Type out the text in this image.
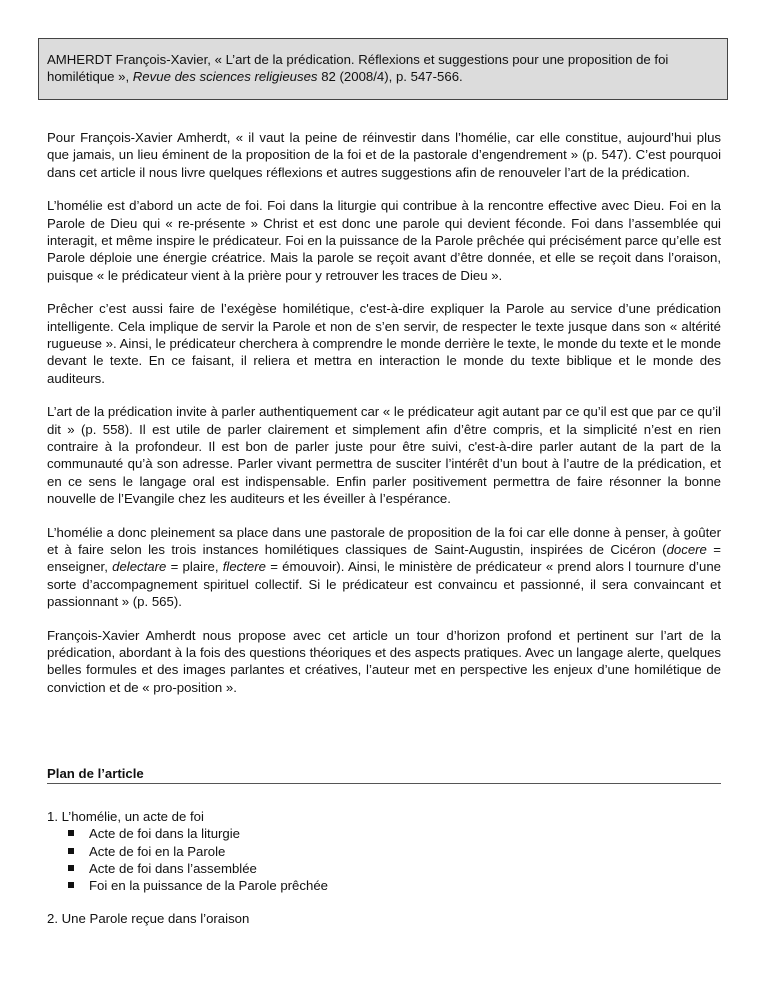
AMHERDT François-Xavier, « L’art de la prédication. Réflexions et suggestions pour une proposition de foi homilétique », Revue des sciences religieuses 82 (2008/4), p. 547-566.

Pour François-Xavier Amherdt, « il vaut la peine de réinvestir dans l’homélie, car elle constitue, aujourd’hui plus que jamais, un lieu éminent de la proposition de la foi et de la pastorale d’engendrement » (p. 547). C’est pourquoi dans cet article il nous livre quelques réflexions et autres suggestions afin de renouveler l’art de la prédication.

L’homélie est d’abord un acte de foi. Foi dans la liturgie qui contribue à la rencontre effective avec Dieu. Foi en la Parole de Dieu qui « re-présente » Christ et est donc une parole qui devient féconde. Foi dans l’assemblée qui interagit, et même inspire le prédicateur. Foi en la puissance de la Parole prêchée qui précisément parce qu’elle est Parole déploie une énergie créatrice. Mais la parole se reçoit avant d’être donnée, et elle se reçoit dans l’oraison, puisque « le prédicateur vient à la prière pour y retrouver les traces de Dieu ».

Prêcher c’est aussi faire de l’exégèse homilétique, c'est-à-dire expliquer la Parole au service d’une prédication intelligente. Cela implique de servir la Parole et non de s’en servir, de respecter le texte jusque dans son « altérité rugueuse ». Ainsi, le prédicateur cherchera à comprendre le monde derrière le texte, le monde du texte et le monde devant le texte. En ce faisant, il reliera et mettra en interaction le monde du texte biblique et le monde des auditeurs.

L’art de la prédication invite à parler authentiquement car « le prédicateur agit autant par ce qu’il est que par ce qu’il dit » (p. 558). Il est utile de parler clairement et simplement afin d’être compris, et la simplicité n’est en rien contraire à la profondeur. Il est bon de parler juste pour être suivi, c'est-à-dire parler autant de la part de la communauté qu’à son adresse. Parler vivant permettra de susciter l’intérêt d’un bout à l’autre de la prédication, et en ce sens le langage oral est indispensable. Enfin parler positivement permettra de faire résonner la bonne nouvelle de l’Evangile chez les auditeurs et les éveiller à l’espérance.

L’homélie a donc pleinement sa place dans une pastorale de proposition de la foi car elle donne à penser, à goûter et à faire selon les trois instances homilétiques classiques de Saint-Augustin, inspirées de Cicéron (docere = enseigner, delectare = plaire, flectere = émouvoir). Ainsi, le ministère de prédicateur « prend alors l tournure d’une sorte d’accompagnement spirituel collectif. Si le prédicateur est convaincu et passionné, il sera convaincant et passionnant » (p. 565).

François-Xavier Amherdt nous propose avec cet article un tour d’horizon profond et pertinent sur l’art de la prédication, abordant à la fois des questions théoriques et des aspects pratiques. Avec un langage alerte, quelques belles formules et des images parlantes et créatives, l’auteur met en perspective les enjeux d’une homilétique de conviction et de « pro-position ».

Plan de l’article
1. L’homélie, un acte de foi
Acte de foi dans la liturgie
Acte de foi en la Parole
Acte de foi dans l’assemblée
Foi en la puissance de la Parole prêchée
2. Une Parole reçue dans l’oraison
